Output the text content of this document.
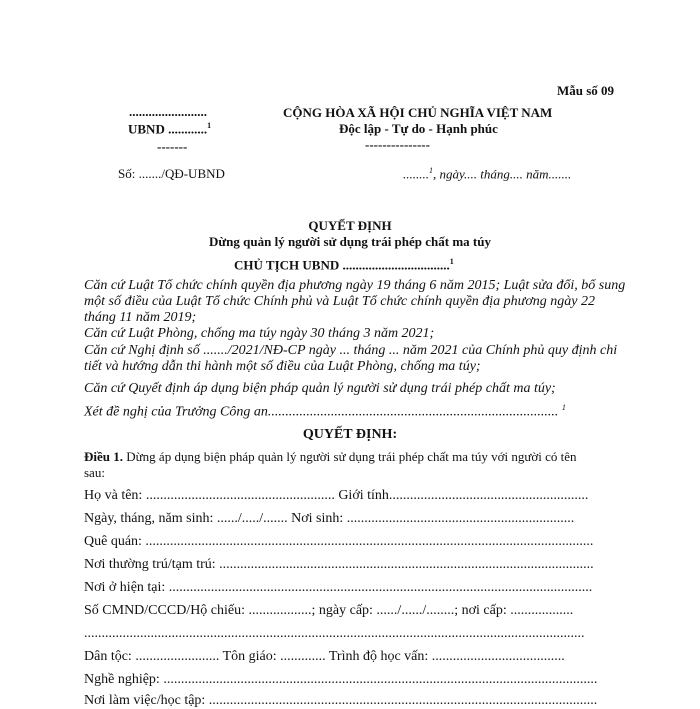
Mẫu số 09
........................
UBND ............$^1$
-------
CỘNG HÒA XÃ HỘI CHỦ NGHĨA VIỆT NAM
Độc lập - Tự do - Hạnh phúc
---------------
Số: ......./QĐ-UBND	........$^1$, ngày.... tháng.... năm.......
QUYẾT ĐỊNH
Dừng quản lý người sử dụng trái phép chất ma túy
CHỦ TỊCH UBND .................................$^1$
Căn cứ Luật Tổ chức chính quyền địa phương ngày 19 tháng 6 năm 2015; Luật sửa đổi, bổ sung
một số điều của Luật Tổ chức Chính phủ và Luật Tổ chức chính quyền địa phương ngày 22
tháng 11 năm 2019;
Căn cứ Luật Phòng, chống ma túy ngày 30 tháng 3 năm 2021;
Căn cứ Nghị định số ......./2021/NĐ-CP ngày ... tháng ... năm 2021 của Chính phủ quy định chi
tiết và hướng dẫn thi hành một số điều của Luật Phòng, chống ma túy;
Căn cứ Quyết định áp dụng biện pháp quản lý người sử dụng trái phép chất ma túy;
Xét đề nghị của Trưởng Công an................................................................................... $^1$
QUYẾT ĐỊNH:
Điều 1. Dừng áp dụng biện pháp quản lý người sử dụng trái phép chất ma túy với người có tên
sau:
Họ và tên: ...................................................... Giới tính.........................................................
Ngày, tháng, năm sinh: ....../...../....... Nơi sinh: .................................................................
Quê quán: ................................................................................................................................
Nơi thường trú/tạm trú: ...........................................................................................................
Nơi ở hiện tại: .........................................................................................................................
Số CMND/CCCD/Hộ chiếu: ..................; ngày cấp: ....../....../........; nơi cấp: ..................
...............................................................................................................................................
Dân tộc: ........................ Tôn giáo: ............. Trình độ học vấn: ......................................
Nghề nghiệp: ............................................................................................................................
Nơi làm việc/học tập: ...............................................................................................................
